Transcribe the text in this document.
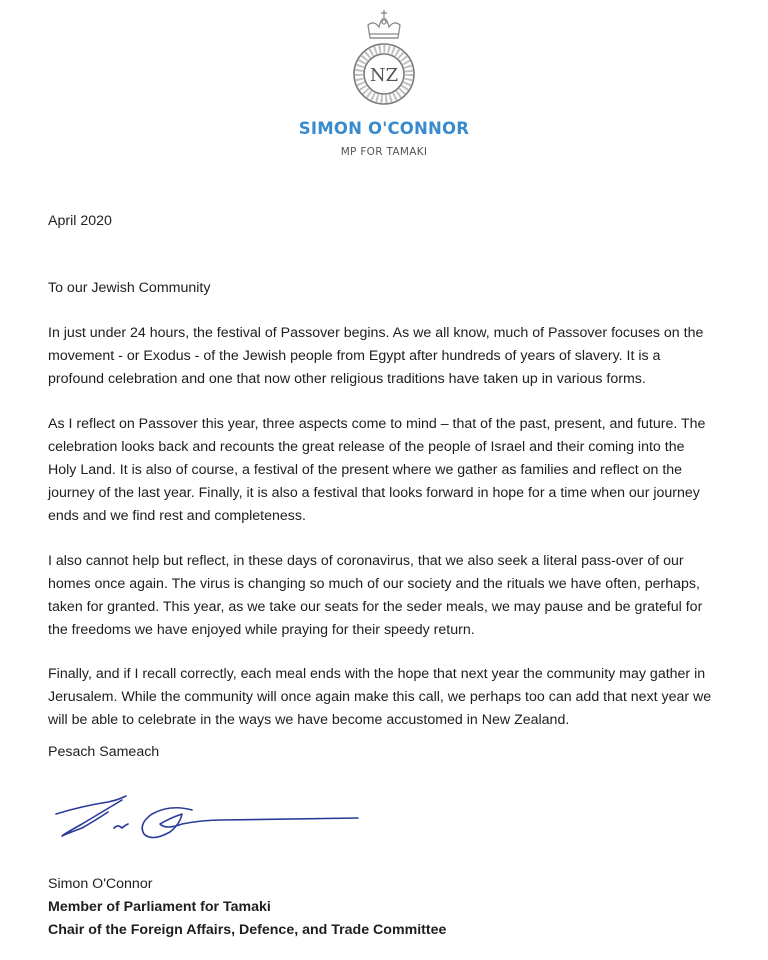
NZ
SIMON O'CONNOR
MP FOR TAMAKI
April 2020
To our Jewish Community

In just under 24 hours, the festival of Passover begins. As we all know, much of Passover focuses on the
movement - or Exodus - of the Jewish people from Egypt after hundreds of years of slavery. It is a
profound celebration and one that now other religious traditions have taken up in various forms.

As I reflect on Passover this year, three aspects come to mind – that of the past, present, and future. The
celebration looks back and recounts the great release of the people of Israel and their coming into the
Holy Land. It is also of course, a festival of the present where we gather as families and reflect on the
journey of the last year. Finally, it is also a festival that looks forward in hope for a time when our journey
ends and we find rest and completeness.

I also cannot help but reflect, in these days of coronavirus, that we also seek a literal pass-over of our
homes once again. The virus is changing so much of our society and the rituals we have often, perhaps,
taken for granted. This year, as we take our seats for the seder meals, we may pause and be grateful for
the freedoms we have enjoyed while praying for their speedy return.

Finally, and if I recall correctly, each meal ends with the hope that next year the community may gather in
Jerusalem. While the community will once again make this call, we perhaps too can add that next year we
will be able to celebrate in the ways we have become accustomed in New Zealand.

Pesach Sameach
Simon O'Connor
Member of Parliament for Tamaki
Chair of the Foreign Affairs, Defence, and Trade Committee
